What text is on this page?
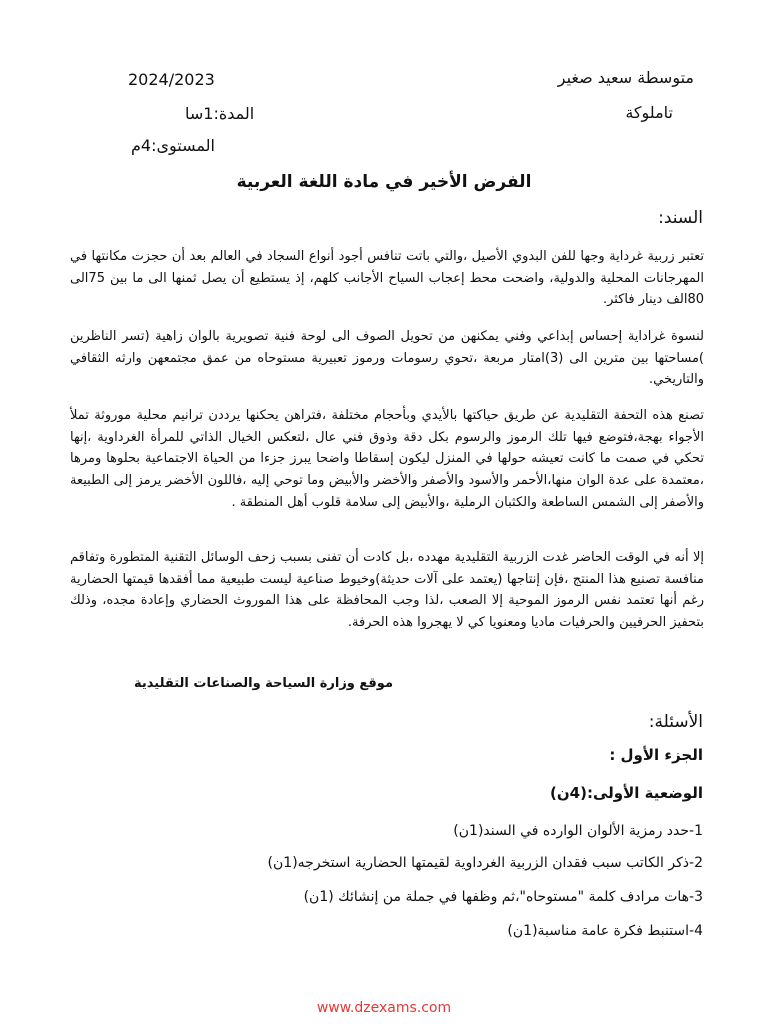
متوسطة سعيد صغير
2024/2023
تاملوكة
المدة:1سا
المستوى:4م
الفرض الأخير في مادة اللغة العربية
السند:

تعتبر زربية غرداية وجها للفن البدوي الأصيل ،والتي باتت تنافس أجود أنواع السجاد في العالم بعد أن حجزت مكانتها في المهرجانات المحلية والدولية، واضحت محط إعجاب السياح الأجانب كلهم، إذ يستطيع أن يصل ثمنها الى ما بين 75الى 80الف دينار فاكثر.

لنسوة غراداية إحساس إبداعي وفني يمكنهن من تحويل الصوف الى لوحة فنية تصويرية بالوان زاهية (تسر الناظرين )مساحتها بين مترين الى (3)امتار مربعة ،تحوي رسومات ورموز تعبيرية مستوحاه من عمق مجتمعهن وارثه الثقافي والتاريخي.

تصنع هذه التحفة التقليدية عن طريق حياكتها بالأيدي وبأحجام مختلفة ،فتراهن يحكنها يرددن ترانيم محلية موروثة تملأ الأجواء بهجة،فتوضع فيها تلك الرموز والرسوم بكل دقة وذوق فني عال ،لتعكس الخيال الذاتي للمرأة الغرداوية ،إنها تحكي في صمت ما كانت تعيشه حولها في المنزل ليكون إسقاطا واضحا يبرز جزءا من الحياة الاجتماعية بحلوها ومرها ،معتمدة على عدة الوان منها،الأحمر والأسود والأصفر والأخضر والأبيض وما توحي إليه ،فاللون الأخضر يرمز إلى الطبيعة والأصفر إلى الشمس الساطعة والكثبان الرملية ،والأبيض إلى سلامة قلوب أهل المنطقة .

إلا أنه في الوقت الحاضر غدت الزربية التقليدية مهدده ،بل كادت أن تفنى بسبب زحف الوسائل التقنية المتطورة وتفاقم منافسة تصنيع هذا المنتج ،فإن إنتاجها (يعتمد على آلات حديثة)وخيوط صناعية ليست طبيعية مما أفقدها قيمتها الحضارية رغم أنها تعتمد نفس الرموز الموحية إلا الصعب ،لذا وجب المحافظة على هذا الموروث الحضاري وإعادة مجده، وذلك بتحفيز الحرفيين والحرفيات ماديا ومعنويا كي لا يهجروا هذه الحرفة.

موقع وزارة السياحة والصناعات التقليدية
الأسئلة:
الجزء الأول :
الوضعية الأولى:(4ن)
1-حدد رمزية الألوان الوارده في السند(1ن)
2-ذكر الكاتب سبب فقدان الزربية الغرداوية لقيمتها الحضارية استخرجه(1ن)
3-هات مرادف كلمة "مستوحاه"،ثم وظفها في جملة من إنشائك (1ن)
4-استنبط فكرة عامة مناسبة(1ن)
www.dzexams.com
